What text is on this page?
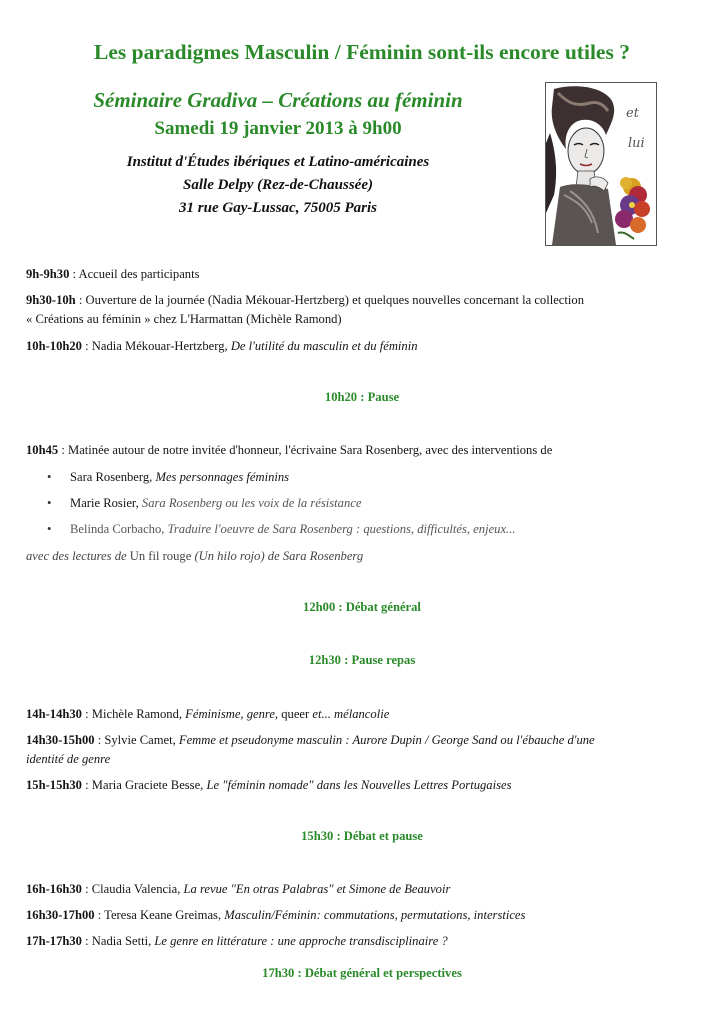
Les paradigmes Masculin / Féminin sont-ils encore utiles ?
Séminaire Gradiva – Créations au féminin
Samedi 19 janvier 2013 à 9h00
Institut d'Études ibériques et Latino-américaines
Salle Delpy (Rez-de-Chaussée)
31 rue Gay-Lussac, 75005 Paris
et
lui
9h-9h30 : Accueil des participants
9h30-10h : Ouverture de la journée (Nadia Mékouar-Hertzberg) et quelques nouvelles concernant la collection
« Créations au féminin » chez L'Harmattan (Michèle Ramond)
10h-10h20 : Nadia Mékouar-Hertzberg, De l'utilité du masculin et du féminin
10h20 : Pause
10h45 : Matinée autour de notre invitée d'honneur, l'écrivaine Sara Rosenberg, avec des interventions de
• Sara Rosenberg, Mes personnages féminins
• Marie Rosier, Sara Rosenberg ou les voix de la résistance
• Belinda Corbacho, Traduire l'oeuvre de Sara Rosenberg : questions, difficultés, enjeux...
avec des lectures de Un fil rouge (Un hilo rojo) de Sara Rosenberg
12h00 : Débat général
12h30 : Pause repas
14h-14h30 : Michèle Ramond, Féminisme, genre, queer et... mélancolie
14h30-15h00 : Sylvie Camet, Femme et pseudonyme masculin : Aurore Dupin / George Sand ou l'ébauche d'une
identité de genre
15h-15h30 : Maria Graciete Besse, Le "féminin nomade" dans les Nouvelles Lettres Portugaises
15h30 : Débat et pause
16h-16h30 : Claudia Valencia, La revue "En otras Palabras" et Simone de Beauvoir
16h30-17h00 : Teresa Keane Greimas, Masculin/Féminin: commutations, permutations, interstices
17h-17h30 : Nadia Setti, Le genre en littérature : une approche transdisciplinaire ?
17h30 : Débat général et perspectives
